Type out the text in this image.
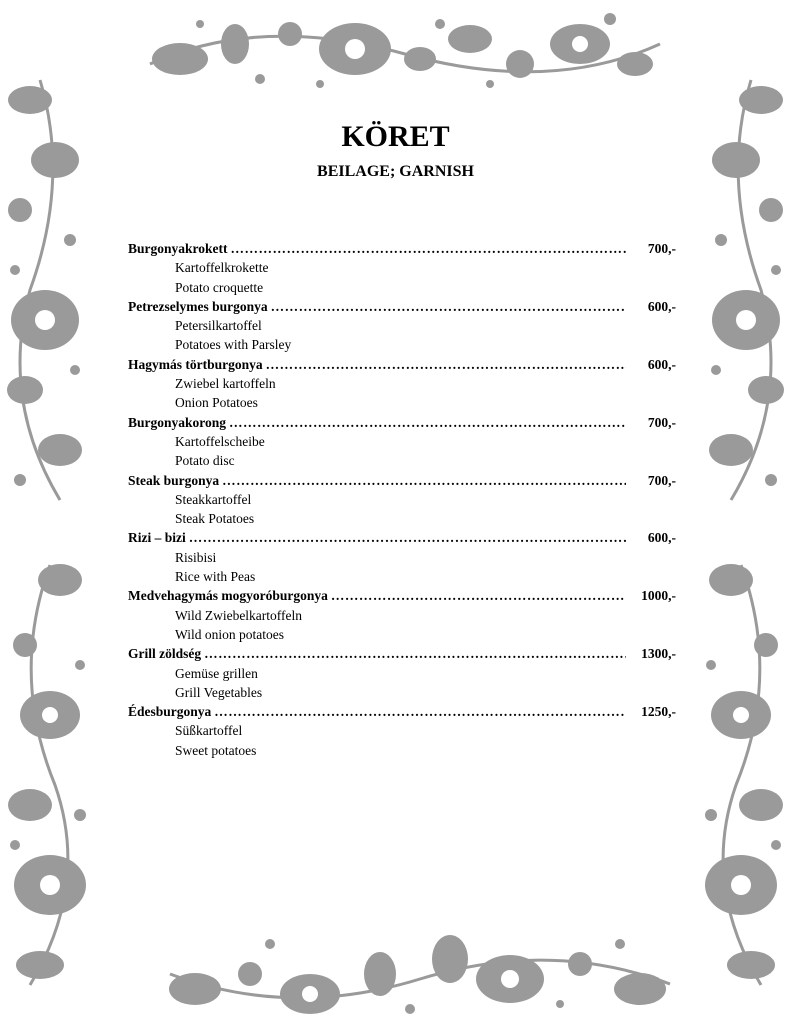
KÖRET
BEILAGE; GARNISH
Burgonyakrokett ……………………………………………………………………………………………………………………………………………………	700,-
Kartoffelkrokette
Potato croquette
Petrezselymes burgonya ……………………………………………………………………………………………………………………………………………………	600,-
Petersilkartoffel
Potatoes with Parsley
Hagymás törtburgonya ……………………………………………………………………………………………………………………………………………………	600,-
Zwiebel kartoffeln
Onion Potatoes
Burgonyakorong ……………………………………………………………………………………………………………………………………………………	700,-
Kartoffelscheibe
Potato disc
Steak burgonya ……………………………………………………………………………………………………………………………………………………	700,-
Steakkartoffel
Steak Potatoes
Rizi – bizi ……………………………………………………………………………………………………………………………………………………	600,-
Risibisi
Rice with Peas
Medvehagymás mogyoróburgonya ……………………………………………………………………………………………………………………………………………………	1000,-
Wild Zwiebelkartoffeln
Wild onion potatoes
Grill zöldség ……………………………………………………………………………………………………………………………………………………	1300,-
Gemüse grillen
Grill Vegetables
Édesburgonya ……………………………………………………………………………………………………………………………………………………	1250,-
Süßkartoffel
Sweet potatoes
